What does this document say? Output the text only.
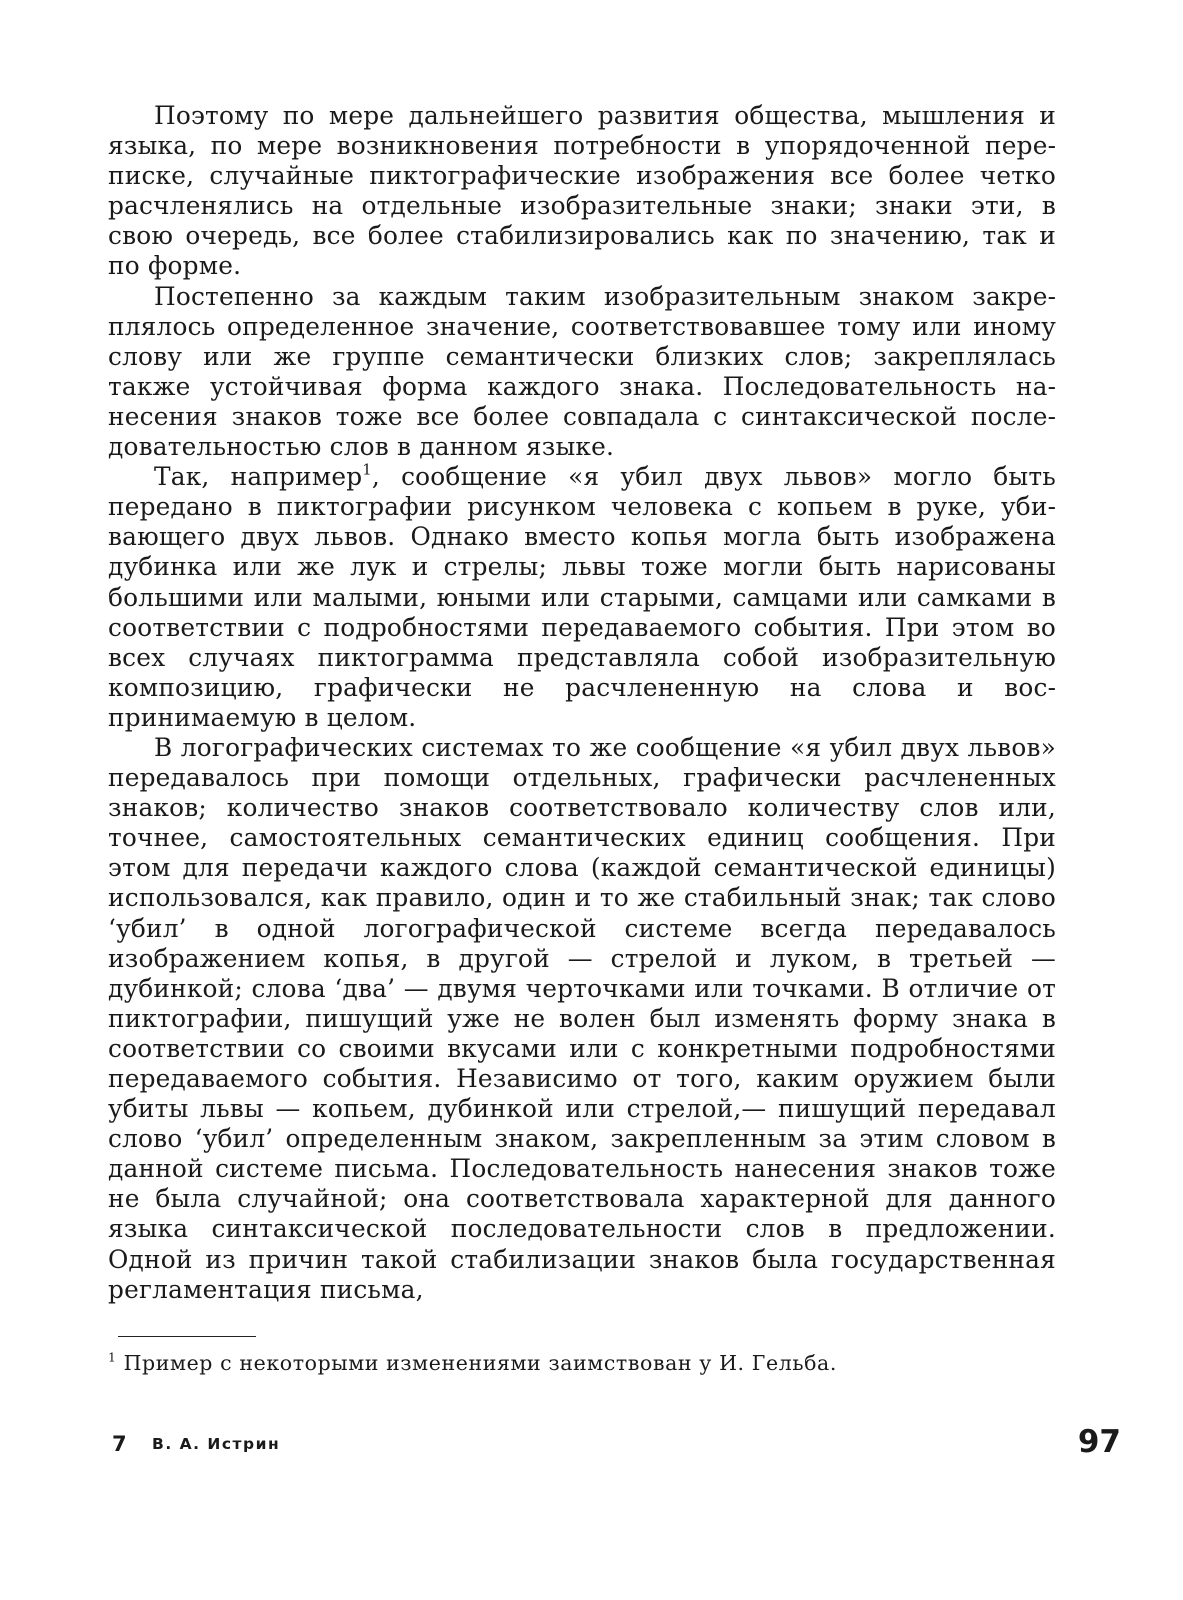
Поэтому по мере дальнейшего развития общества, мышления и языка, по мере возникновения потребности в упорядоченной переписке, случайные пиктографические изображения все более четко расчленялись на отдельные изобразительные знаки; знаки эти, в свою очередь, все более стабилизировались как по значению, так и по форме.

Постепенно за каждым таким изобразительным знаком закреплялось определенное значение, соответствовавшее тому или иному слову или же группе семантически близких слов; закреплялась также устойчивая форма каждого знака. Последовательность нанесения знаков тоже все более совпадала с синтаксической последовательностью слов в данном языке.

Так, например$^1$, сообщение «я убил двух львов» могло быть передано в пиктографии рисунком человека с копьем в руке, убивающего двух львов. Однако вместо копья могла быть изображена дубинка или же лук и стрелы; львы тоже могли быть нарисованы большими или малыми, юными или старыми, самцами или самками в соответствии с подробностями передаваемого события. При этом во всех случаях пиктограмма представляла собой изобразительную композицию, графически не расчлененную на слова и воспринимаемую в целом.

В логографических системах то же сообщение «я убил двух львов» передавалось при помощи отдельных, графически расчлененных знаков; количество знаков соответствовало количеству слов или, точнее, самостоятельных семантических единиц сообщения. При этом для передачи каждого слова (каждой семантической единицы) использовался, как правило, один и то же стабильный знак; так слово ‘убил’ в одной логографической системе всегда передавалось изображением копья, в другой — стрелой и луком, в третьей — дубинкой; слова ‘два’ — двумя черточками или точками. В отличие от пиктографии, пишущий уже не волен был изменять форму знака в соответствии со своими вкусами или с конкретными подробностями передаваемого события. Независимо от того, каким оружием были убиты львы — копьем, дубинкой или стрелой,— пишущий передавал слово ‘убил’ определенным знаком, закрепленным за этим словом в данной системе письма. Последовательность нанесения знаков тоже не была случайной; она соответствовала характерной для данного языка синтаксической последовательности слов в предложении. Одной из причин такой стабилизации знаков была государственная регламентация письма,

$^1$ Пример с некоторыми изменениями заимствован у И. Гельба.
7 В. А. Истрин	97
